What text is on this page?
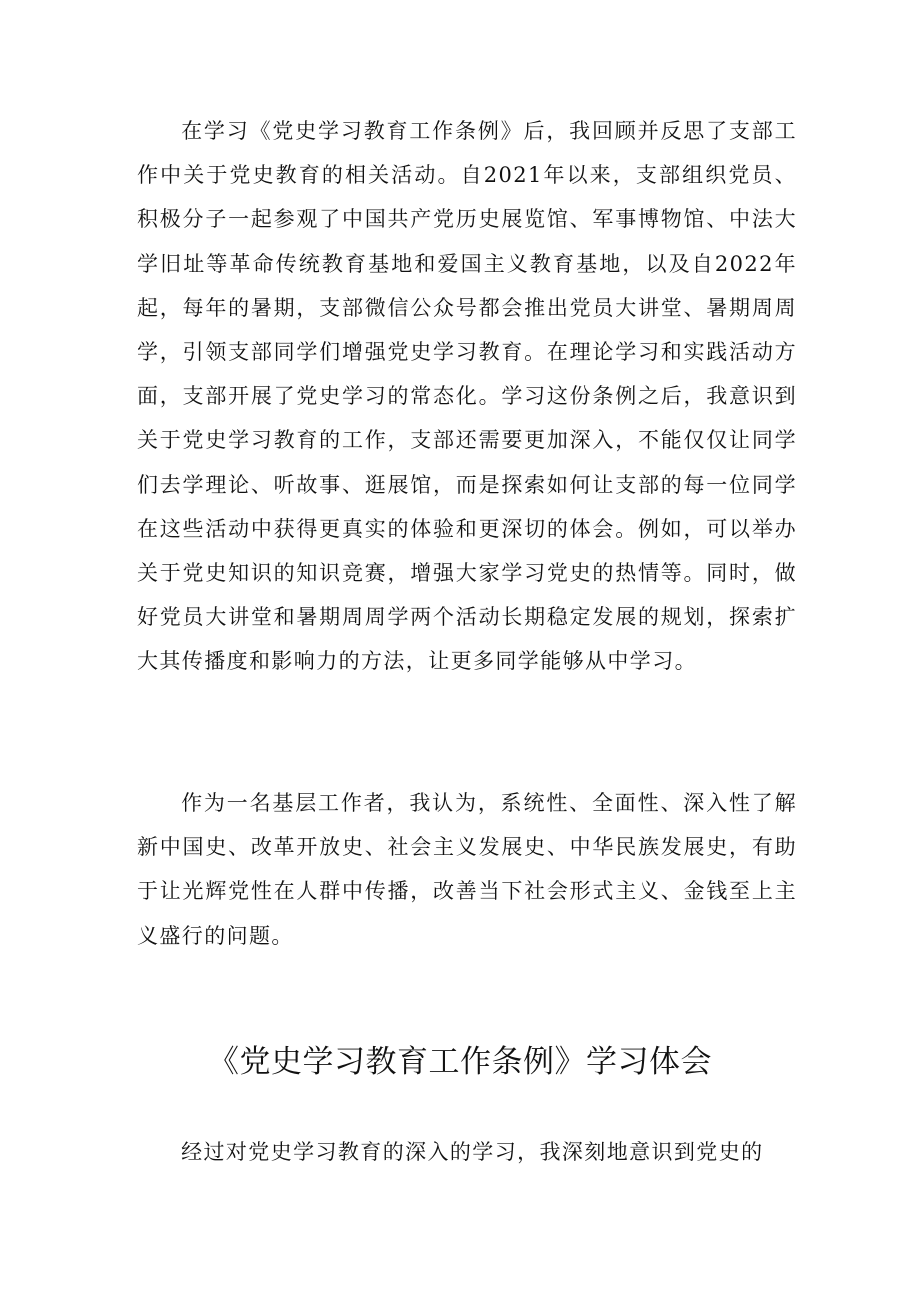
在学习《党史学习教育工作条例》后，我回顾并反思了支部工作中关于党史教育的相关活动。自2021年以来，支部组织党员、积极分子一起参观了中国共产党历史展览馆、军事博物馆、中法大学旧址等革命传统教育基地和爱国主义教育基地，以及自2022年起，每年的暑期，支部微信公众号都会推出党员大讲堂、暑期周周学，引领支部同学们增强党史学习教育。在理论学习和实践活动方面，支部开展了党史学习的常态化。学习这份条例之后，我意识到关于党史学习教育的工作，支部还需要更加深入，不能仅仅让同学们去学理论、听故事、逛展馆，而是探索如何让支部的每一位同学在这些活动中获得更真实的体验和更深切的体会。例如，可以举办关于党史知识的知识竞赛，增强大家学习党史的热情等。同时，做好党员大讲堂和暑期周周学两个活动长期稳定发展的规划，探索扩大其传播度和影响力的方法，让更多同学能够从中学习。

作为一名基层工作者，我认为，系统性、全面性、深入性了解新中国史、改革开放史、社会主义发展史、中华民族发展史，有助于让光辉党性在人群中传播，改善当下社会形式主义、金钱至上主义盛行的问题。

《党史学习教育工作条例》学习体会

经过对党史学习教育的深入的学习，我深刻地意识到党史的
